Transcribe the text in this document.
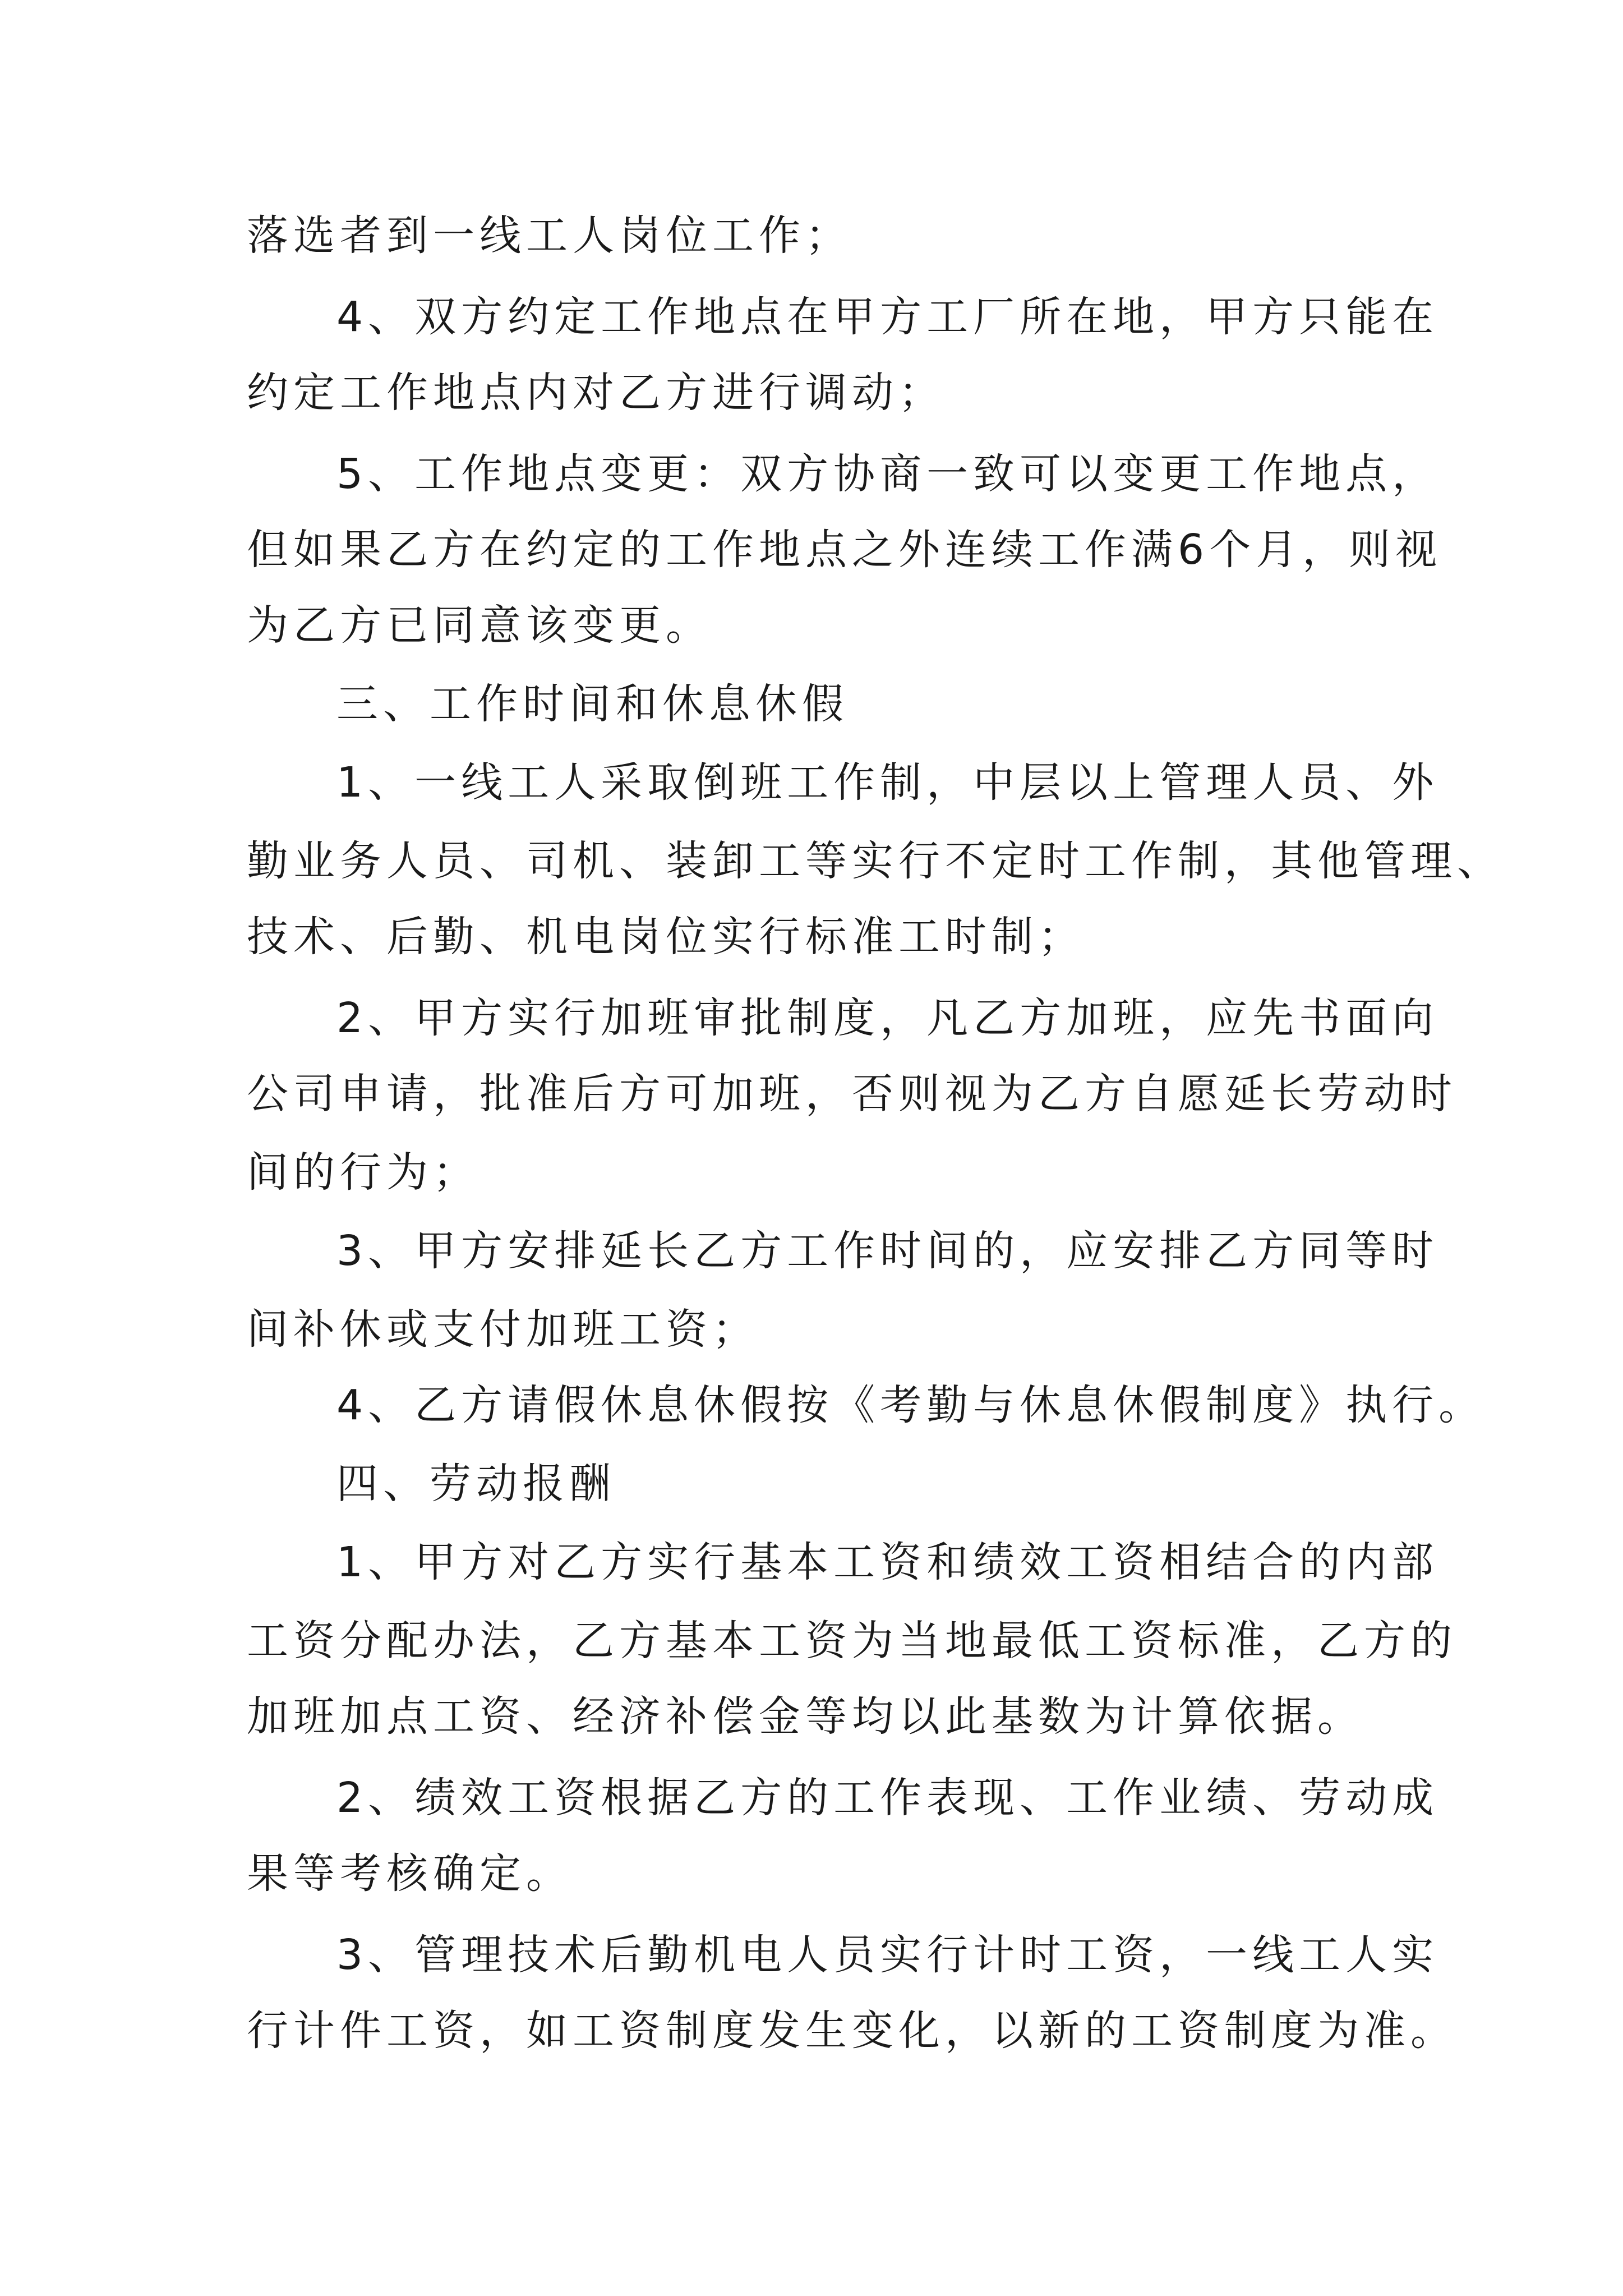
落选者到一线工人岗位工作；
4、双方约定工作地点在甲方工厂所在地，甲方只能在
约定工作地点内对乙方进行调动；
5、工作地点变更：双方协商一致可以变更工作地点，
但如果乙方在约定的工作地点之外连续工作满6个月，则视
为乙方已同意该变更。
三、工作时间和休息休假
1、一线工人采取倒班工作制，中层以上管理人员、外
勤业务人员、司机、装卸工等实行不定时工作制，其他管理、
技术、后勤、机电岗位实行标准工时制；
2、甲方实行加班审批制度，凡乙方加班，应先书面向
公司申请，批准后方可加班，否则视为乙方自愿延长劳动时
间的行为；
3、甲方安排延长乙方工作时间的，应安排乙方同等时
间补休或支付加班工资；
4、乙方请假休息休假按《考勤与休息休假制度》执行。
四、劳动报酬
1、甲方对乙方实行基本工资和绩效工资相结合的内部
工资分配办法，乙方基本工资为当地最低工资标准，乙方的
加班加点工资、经济补偿金等均以此基数为计算依据。
2、绩效工资根据乙方的工作表现、工作业绩、劳动成
果等考核确定。
3、管理技术后勤机电人员实行计时工资，一线工人实
行计件工资，如工资制度发生变化，以新的工资制度为准。
